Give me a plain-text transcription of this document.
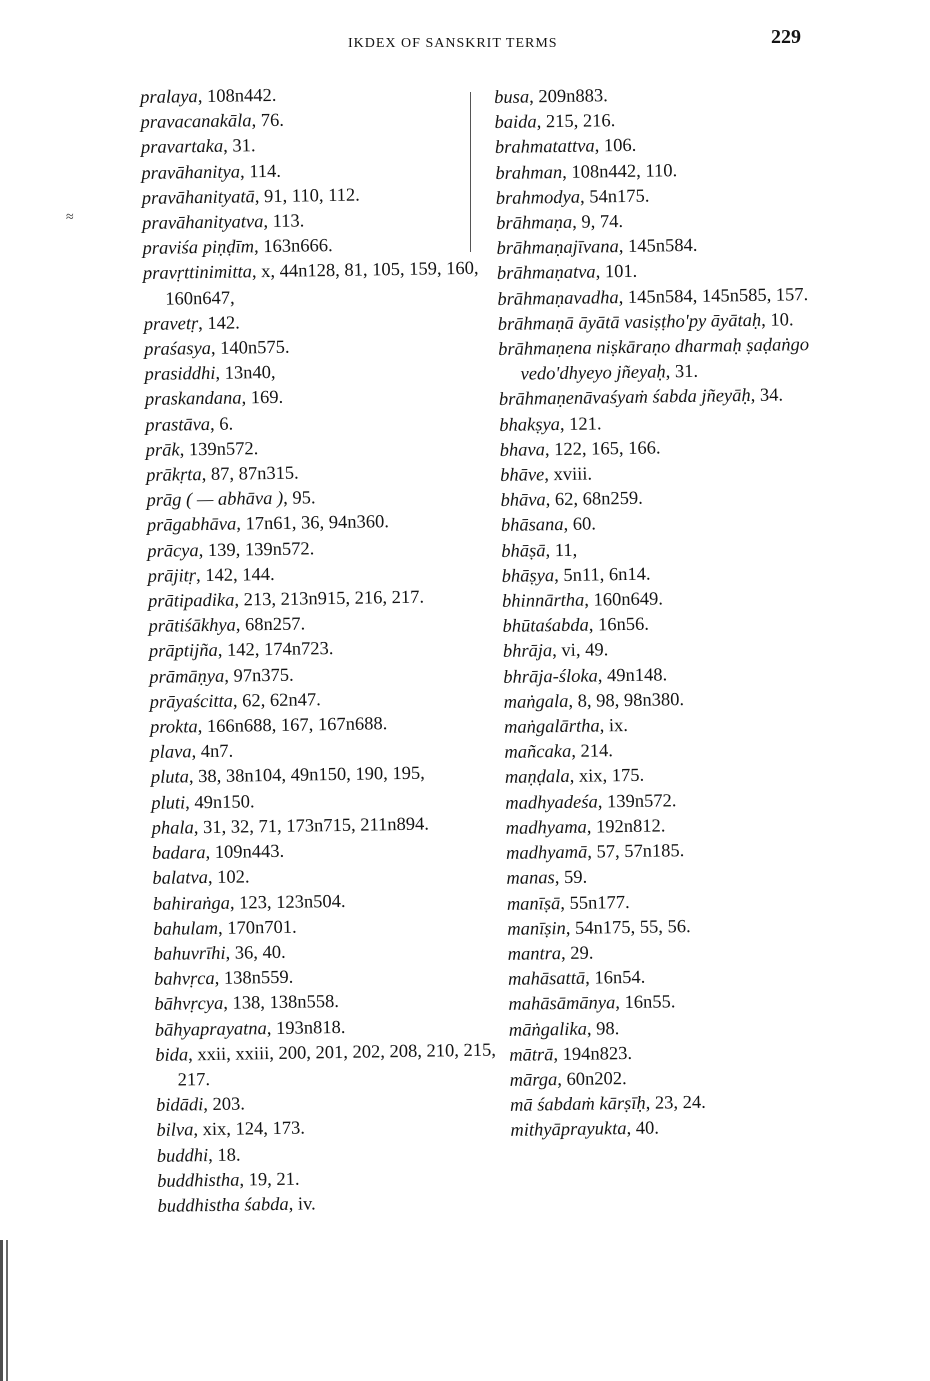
IKDEX OF SANSKRIT TERMS	229
≈
pralaya, 108n442.
pravacanakāla, 76.
pravartaka, 31.
pravāhanitya, 114.
pravāhanityatā, 91, 110, 112.
pravāhanityatva, 113.
praviśa piṇḍīm, 163n666.
pravṛttinimitta, x, 44n128, 81, 105, 159, 160, 160n647,
pravetṛ, 142.
praśasya, 140n575.
prasiddhi, 13n40,
praskandana, 169.
prastāva, 6.
prāk, 139n572.
prākṛta, 87, 87n315.
prāg ( — abhāva ), 95.
prāgabhāva, 17n61, 36, 94n360.
prācya, 139, 139n572.
prājitṛ, 142, 144.
prātipadika, 213, 213n915, 216, 217.
prātiśākhya, 68n257.
prāptijña, 142, 174n723.
prāmāṇya, 97n375.
prāyaścitta, 62, 62n47.
prokta, 166n688, 167, 167n688.
plava, 4n7.
pluta, 38, 38n104, 49n150, 190, 195,
pluti, 49n150.
phala, 31, 32, 71, 173n715, 211n894.
badara, 109n443.
balatva, 102.
bahiraṅga, 123, 123n504.
bahulam, 170n701.
bahuvrīhi, 36, 40.
bahvṛca, 138n559.
bāhvṛcya, 138, 138n558.
bāhyaprayatna, 193n818.
bida, xxii, xxiii, 200, 201, 202, 208, 210, 215, 217.
bidādi, 203.
bilva, xix, 124, 173.
buddhi, 18.
buddhistha, 19, 21.
buddhistha śabda, iv.
busa, 209n883.
baida, 215, 216.
brahmatattva, 106.
brahman, 108n442, 110.
brahmodya, 54n175.
brāhmaṇa, 9, 74.
brāhmaṇajīvana, 145n584.
brāhmaṇatva, 101.
brāhmaṇavadha, 145n584, 145n585, 157.
brāhmaṇā āyātā vasiṣṭho'py āyātaḥ, 10.
brāhmaṇena niṣkāraṇo dharmaḥ ṣaḍaṅgo vedo'dhyeyo jñeyaḥ, 31.
brāhmaṇenāvaśyaṁ śabda jñeyāḥ, 34.
bhakṣya, 121.
bhava, 122, 165, 166.
bhāve, xviii.
bhāva, 62, 68n259.
bhāsana, 60.
bhāṣā, 11,
bhāṣya, 5n11, 6n14.
bhinnārtha, 160n649.
bhūtaśabda, 16n56.
bhrāja, vi, 49.
bhrāja-śloka, 49n148.
maṅgala, 8, 98, 98n380.
maṅgalārtha, ix.
mañcaka, 214.
maṇḍala, xix, 175.
madhyadeśa, 139n572.
madhyama, 192n812.
madhyamā, 57, 57n185.
manas, 59.
manīṣā, 55n177.
manīṣin, 54n175, 55, 56.
mantra, 29.
mahāsattā, 16n54.
mahāsāmānya, 16n55.
māṅgalika, 98.
mātrā, 194n823.
mārga, 60n202.
mā śabdaṁ kārṣīḥ, 23, 24.
mithyāprayukta, 40.
